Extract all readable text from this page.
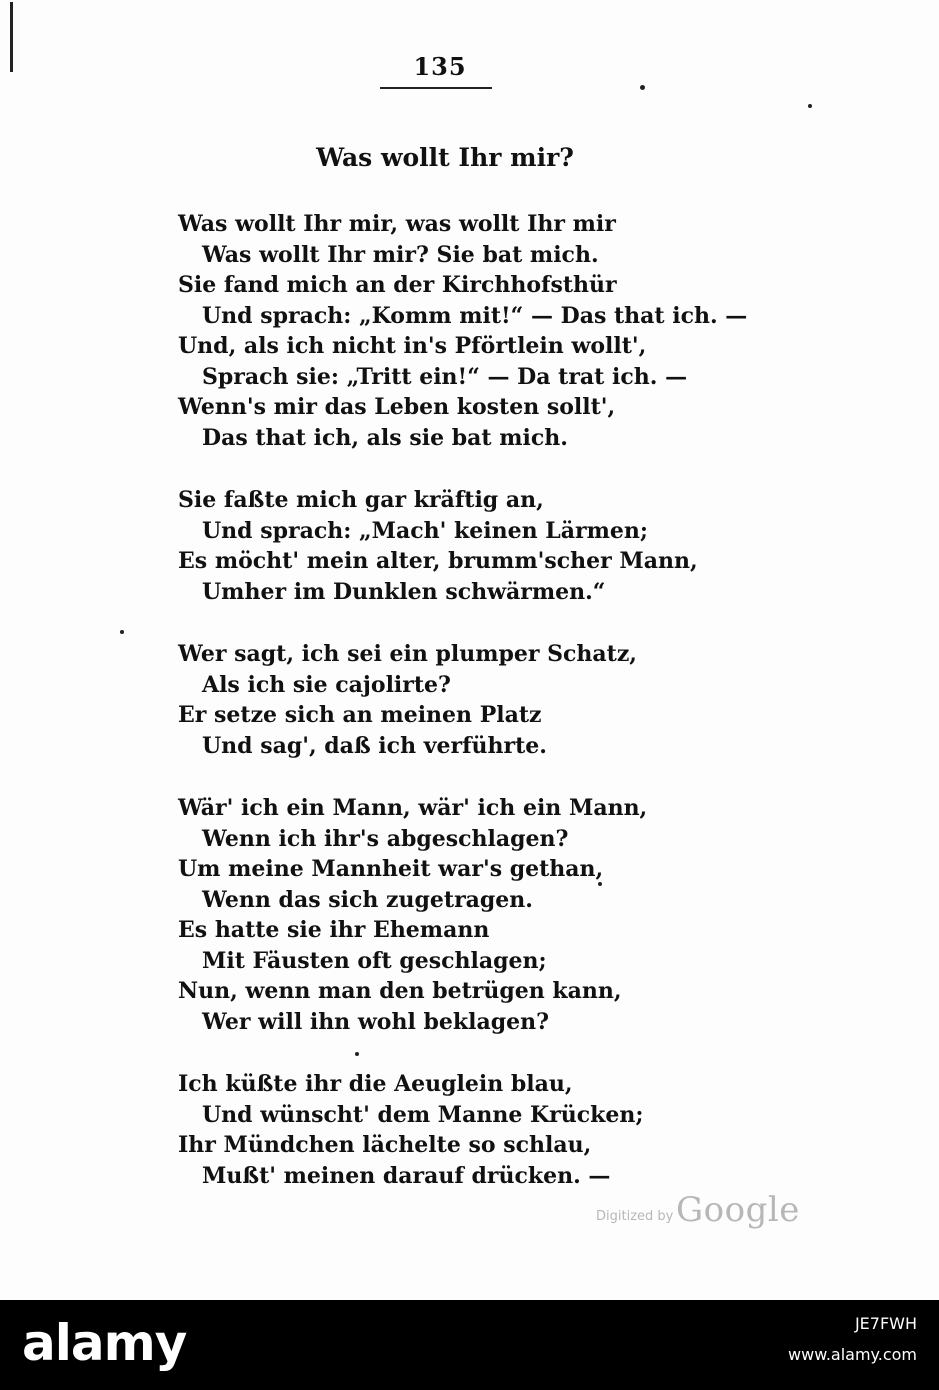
135
Was wollt Ihr mir?
Was wollt Ihr mir, was wollt Ihr mir
Was wollt Ihr mir? Sie bat mich.
Sie fand mich an der Kirchhofsthür
Und sprach: „Komm mit!“ — Das that ich. —
Und, als ich nicht in's Pförtlein wollt',
Sprach sie: „Tritt ein!“ — Da trat ich. —
Wenn's mir das Leben kosten sollt',
Das that ich, als sie bat mich.
Sie faßte mich gar kräftig an,
Und sprach: „Mach' keinen Lärmen;
Es möcht' mein alter, brumm'scher Mann,
Umher im Dunklen schwärmen.“
Wer sagt, ich sei ein plumper Schatz,
Als ich sie cajolirte?
Er setze sich an meinen Platz
Und sag', daß ich verführte.
Wär' ich ein Mann, wär' ich ein Mann,
Wenn ich ihr's abgeschlagen?
Um meine Mannheit war's gethan,
Wenn das sich zugetragen.
Es hatte sie ihr Ehemann
Mit Fäusten oft geschlagen;
Nun, wenn man den betrügen kann,
Wer will ihn wohl beklagen?
Ich küßte ihr die Aeuglein blau,
Und wünscht' dem Manne Krücken;
Ihr Mündchen lächelte so schlau,
Mußt' meinen darauf drücken. —
Digitized by Google
alamy	JE7FWH
www.alamy.com
